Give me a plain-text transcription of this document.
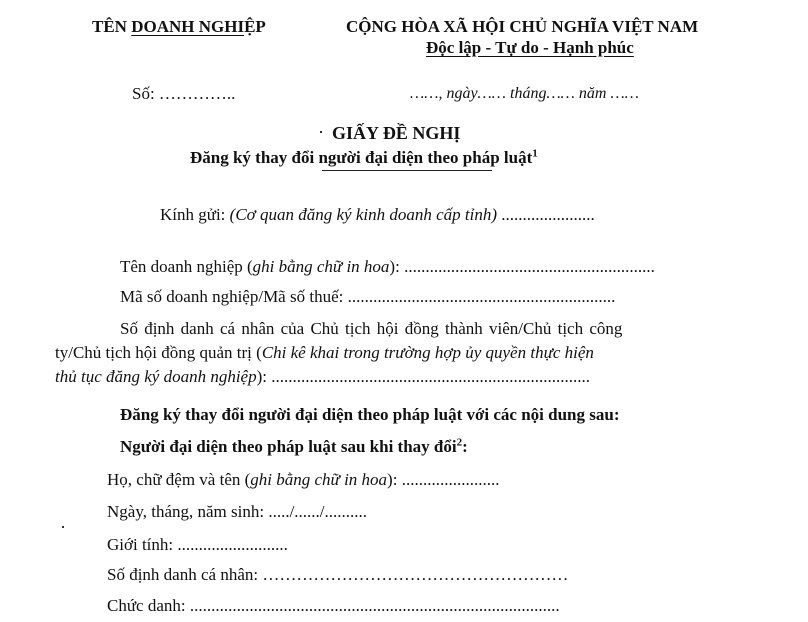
TÊN DOANH NGHIỆP	CỘNG HÒA XÃ HỘI CHỦ NGHĨA VIỆT NAM
Độc lập - Tự do - Hạnh phúc
Số: …………..	……, ngày…… tháng…… năm ……
GIẤY ĐỀ NGHỊ
Đăng ký thay đổi người đại diện theo pháp luật$^1$
Kính gửi: (Cơ quan đăng ký kinh doanh cấp tỉnh) ......................
Tên doanh nghiệp (ghi bằng chữ in hoa): ...........................................................
Mã số doanh nghiệp/Mã số thuế: ...............................................................
Số định danh cá nhân của Chủ tịch hội đồng thành viên/Chủ tịch công
ty/Chủ tịch hội đồng quản trị (Chi kê khai trong trường hợp ủy quyền thực hiện
thủ tục đăng ký doanh nghiệp): ...........................................................................
Đăng ký thay đổi người đại diện theo pháp luật với các nội dung sau:
Người đại diện theo pháp luật sau khi thay đổi$^2$:
Họ, chữ đệm và tên (ghi bằng chữ in hoa): .......................
Ngày, tháng, năm sinh: ...../....../..........
Giới tính: ..........................
Số định danh cá nhân: ………………………………………………
Chức danh: .......................................................................................
